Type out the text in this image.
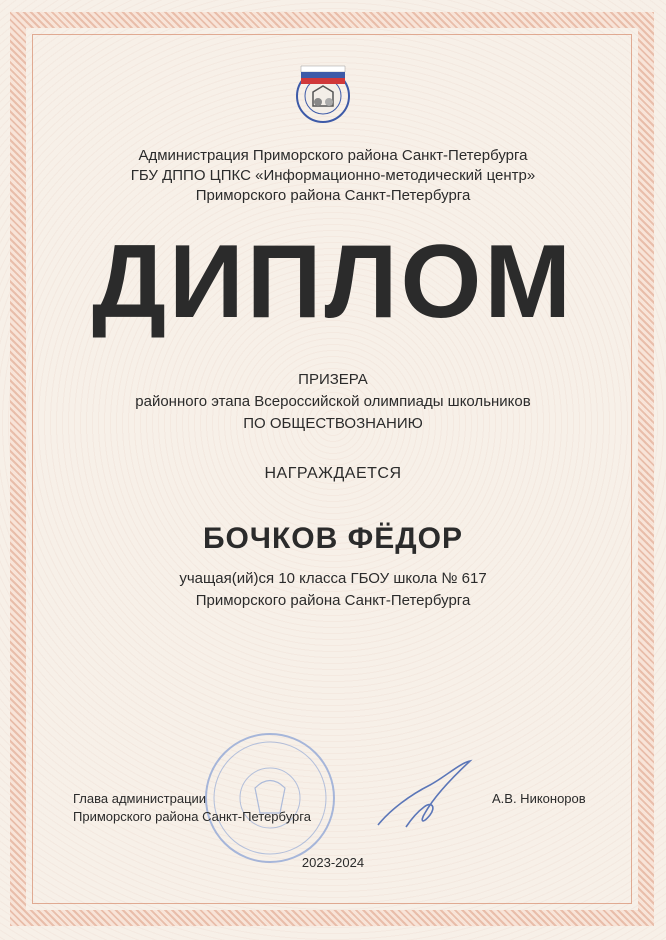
Администрация Приморского района Санкт-Петербурга
ГБУ ДППО ЦПКС «Информационно-методический центр»
Приморского района Санкт-Петербурга
ДИПЛОМ
ПРИЗЕРА
районного этапа Всероссийской олимпиады школьников
ПО ОБЩЕСТВОЗНАНИЮ
НАГРАЖДАЕТСЯ
БОЧКОВ ФЁДОР
учащая(ий)ся 10 класса ГБОУ школа № 617
Приморского района Санкт-Петербурга
Глава администрации
Приморского района Санкт-Петербурга
А.В. Никоноров
2023-2024
